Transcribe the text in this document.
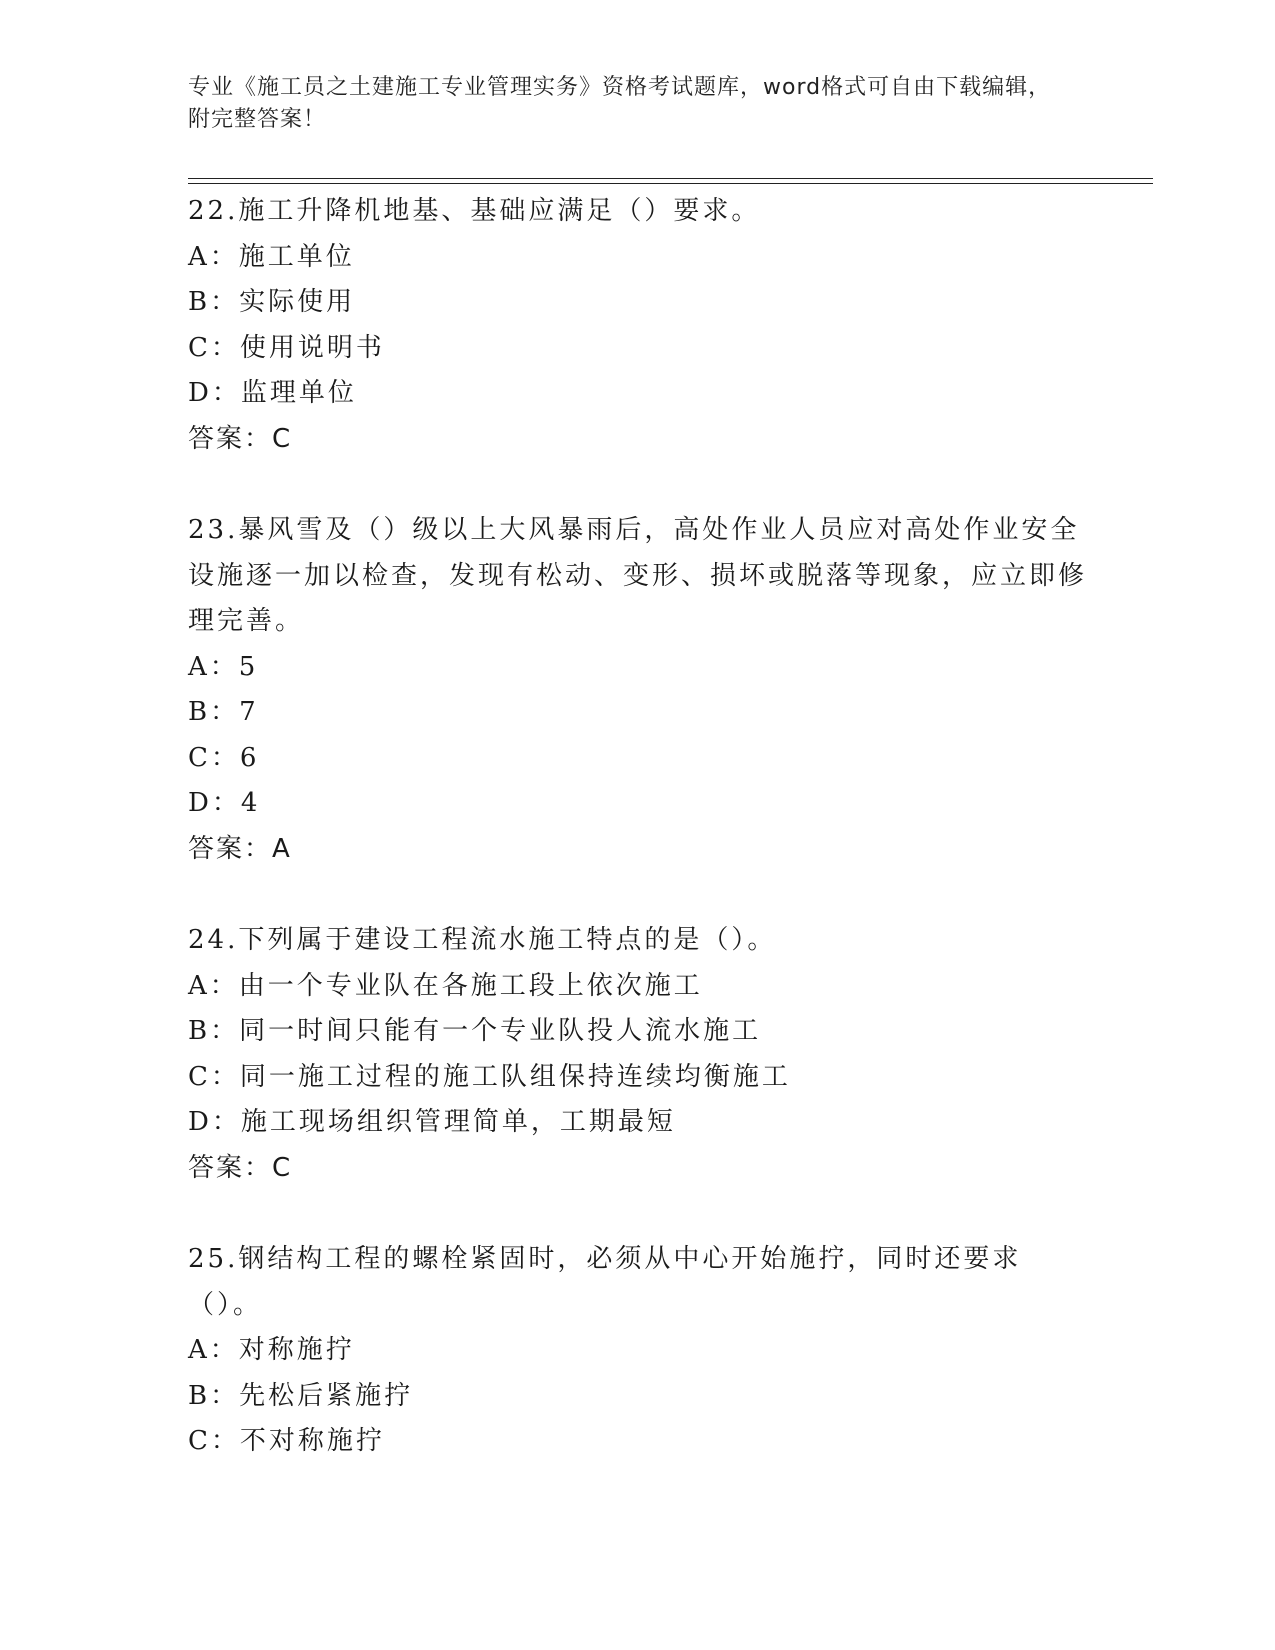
专业《施工员之土建施工专业管理实务》资格考试题库，word格式可自由下载编辑，附完整答案！
22.施工升降机地基、基础应满足（）要求。
A：施工单位
B：实际使用
C：使用说明书
D：监理单位
答案：C
23.暴风雪及（）级以上大风暴雨后，高处作业人员应对高处作业安全设施逐一加以检查，发现有松动、变形、损坏或脱落等现象，应立即修理完善。
A：5
B：7
C：6
D：4
答案：A
24.下列属于建设工程流水施工特点的是（）。
A：由一个专业队在各施工段上依次施工
B：同一时间只能有一个专业队投人流水施工
C：同一施工过程的施工队组保持连续均衡施工
D：施工现场组织管理简单，工期最短
答案：C
25.钢结构工程的螺栓紧固时，必须从中心开始施拧，同时还要求（）。
A：对称施拧
B：先松后紧施拧
C：不对称施拧
